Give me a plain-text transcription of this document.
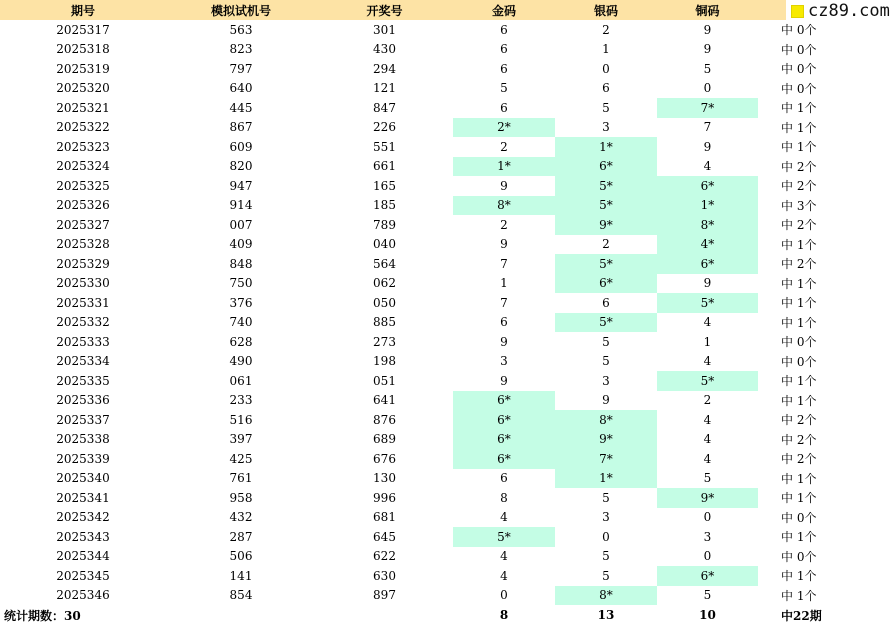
期号	模拟试机号	开奖号	金码	银码	铜码	
2025317	563	301	6	2	9	中 0个
2025318	823	430	6	1	9	中 0个
2025319	797	294	6	0	5	中 0个
2025320	640	121	5	6	0	中 0个
2025321	445	847	6	5	7*	中 1个
2025322	867	226	2*	3	7	中 1个
2025323	609	551	2	1*	9	中 1个
2025324	820	661	1*	6*	4	中 2个
2025325	947	165	9	5*	6*	中 2个
2025326	914	185	8*	5*	1*	中 3个
2025327	007	789	2	9*	8*	中 2个
2025328	409	040	9	2	4*	中 1个
2025329	848	564	7	5*	6*	中 2个
2025330	750	062	1	6*	9	中 1个
2025331	376	050	7	6	5*	中 1个
2025332	740	885	6	5*	4	中 1个
2025333	628	273	9	5	1	中 0个
2025334	490	198	3	5	4	中 0个
2025335	061	051	9	3	5*	中 1个
2025336	233	641	6*	9	2	中 1个
2025337	516	876	6*	8*	4	中 2个
2025338	397	689	6*	9*	4	中 2个
2025339	425	676	6*	7*	4	中 2个
2025340	761	130	6	1*	5	中 1个
2025341	958	996	8	5	9*	中 1个
2025342	432	681	4	3	0	中 0个
2025343	287	645	5*	0	3	中 1个
2025344	506	622	4	5	0	中 0个
2025345	141	630	4	5	6*	中 1个
2025346	854	897	0	8*	5	中 1个
统计期数：30			8	13	10	中22期
cz89.com
